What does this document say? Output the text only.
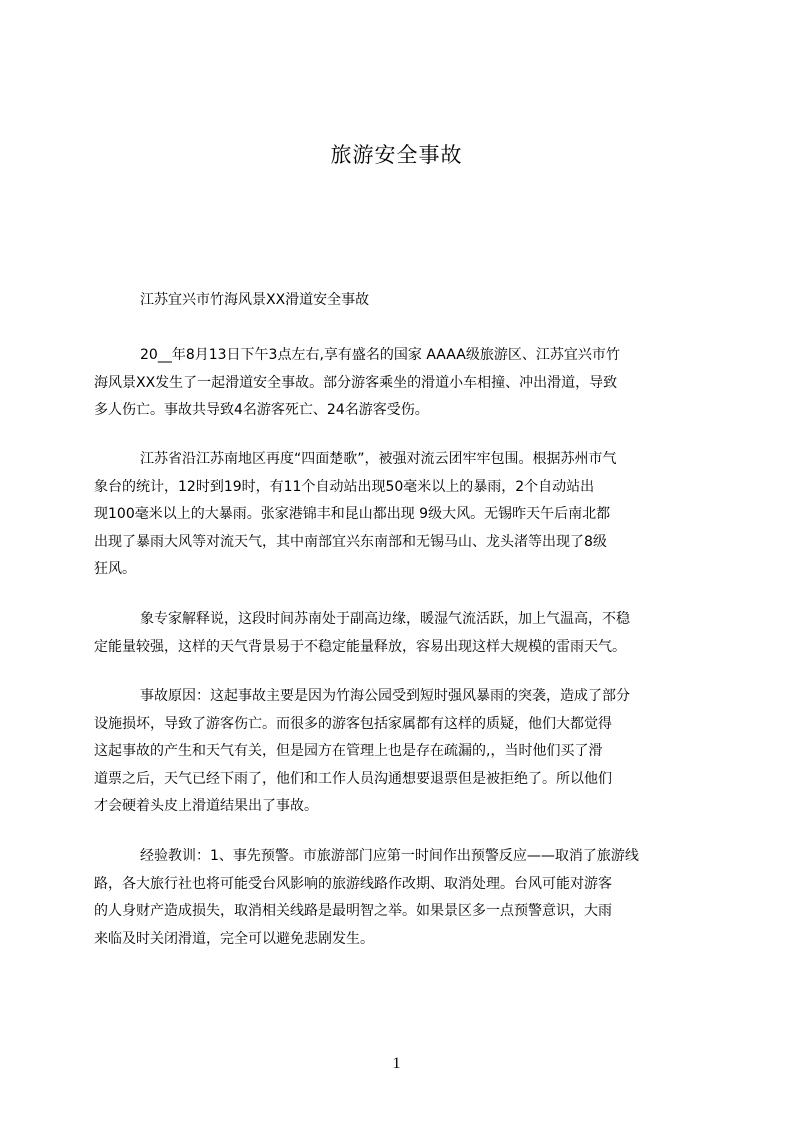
旅游安全事故
江苏宜兴市竹海风景XX滑道安全事故
20__年8月13日下午3点左右,享有盛名的国家 AAAA级旅游区、江苏宜兴市竹
海风景XX发生了一起滑道安全事故。部分游客乘坐的滑道小车相撞、冲出滑道，导致
多人伤亡。事故共导致4名游客死亡、24名游客受伤。
江苏省沿江苏南地区再度“四面楚歌”，被强对流云团牢牢包围。根据苏州市气
象台的统计，12时到19时，有11个自动站出现50毫米以上的暴雨，2个自动站出
现100毫米以上的大暴雨。张家港锦丰和昆山都出现 9级大风。无锡昨天午后南北都
出现了暴雨大风等对流天气，其中南部宜兴东南部和无锡马山、龙头渚等出现了8级
狂风。
象专家解释说，这段时间苏南处于副高边缘，暖湿气流活跃，加上气温高，不稳
定能量较强，这样的天气背景易于不稳定能量释放，容易出现这样大规模的雷雨天气。
事故原因：这起事故主要是因为竹海公园受到短时强风暴雨的突袭，造成了部分
设施损坏，导致了游客伤亡。而很多的游客包括家属都有这样的质疑，他们大都觉得
这起事故的产生和天气有关，但是园方在管理上也是存在疏漏的,，当时他们买了滑
道票之后，天气已经下雨了，他们和工作人员沟通想要退票但是被拒绝了。所以他们
才会硬着头皮上滑道结果出了事故。
经验教训：1、事先预警。市旅游部门应第一时间作出预警反应——取消了旅游线
路，各大旅行社也将可能受台风影响的旅游线路作改期、取消处理。台风可能对游客
的人身财产造成损失，取消相关线路是最明智之举。如果景区多一点预警意识，大雨
来临及时关闭滑道，完全可以避免悲剧发生。
1
